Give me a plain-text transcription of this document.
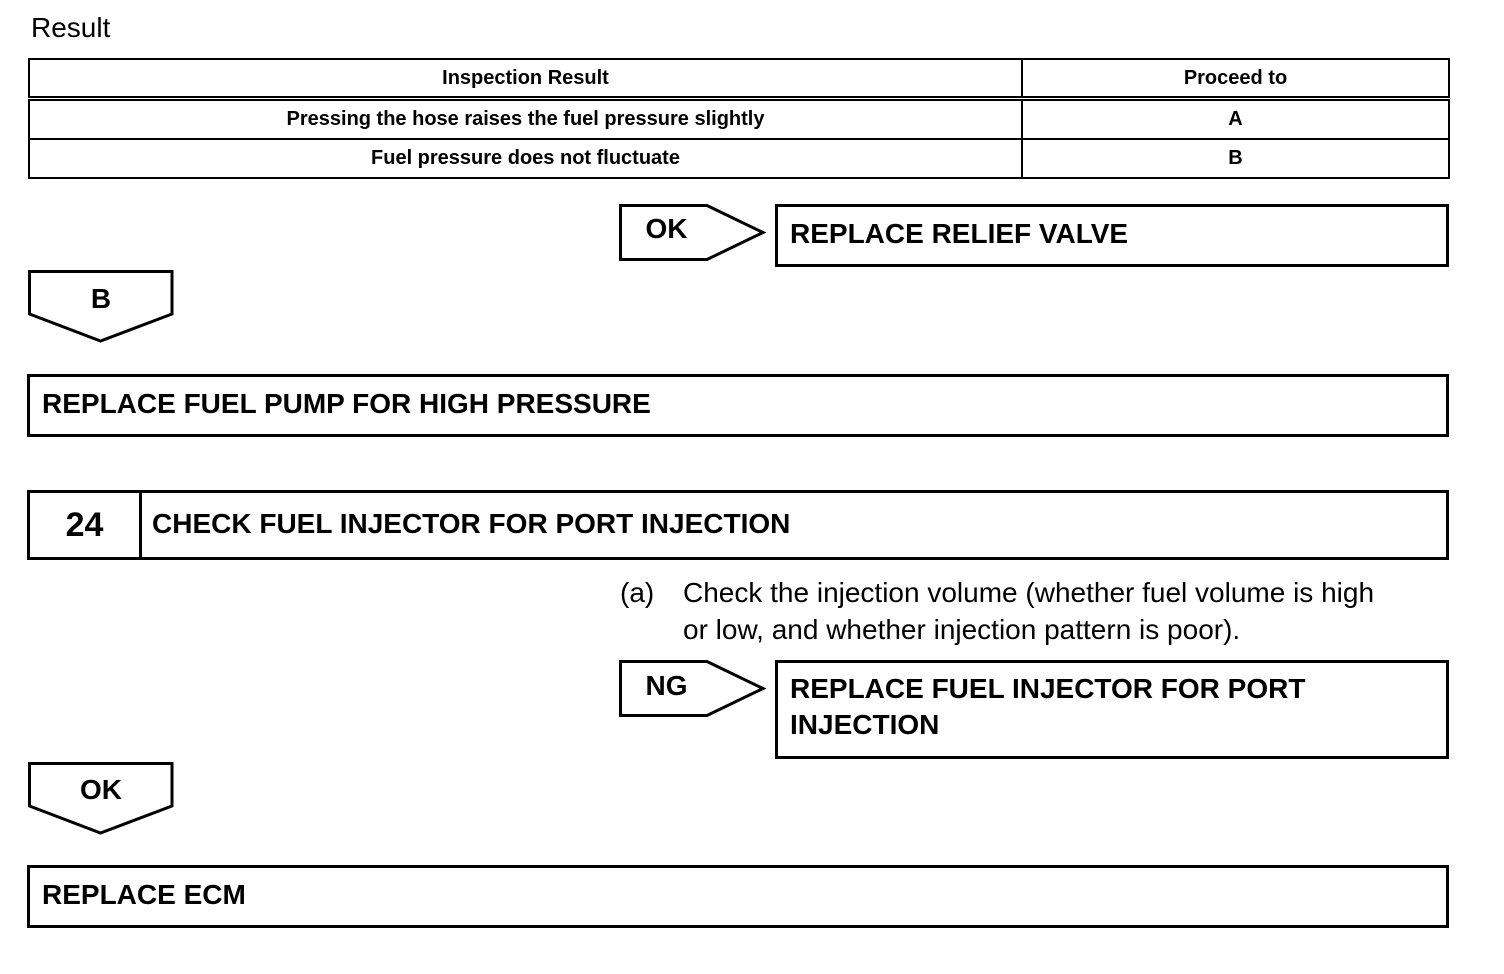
Result
Inspection Result	Proceed to
Pressing the hose raises the fuel pressure slightly	A
Fuel pressure does not fluctuate	B
OK	REPLACE RELIEF VALVE
B
REPLACE FUEL PUMP FOR HIGH PRESSURE
24	CHECK FUEL INJECTOR FOR PORT INJECTION
(a) Check the injection volume (whether fuel volume is high
or low, and whether injection pattern is poor).
NG	REPLACE FUEL INJECTOR FOR PORT
INJECTION
OK
REPLACE ECM
